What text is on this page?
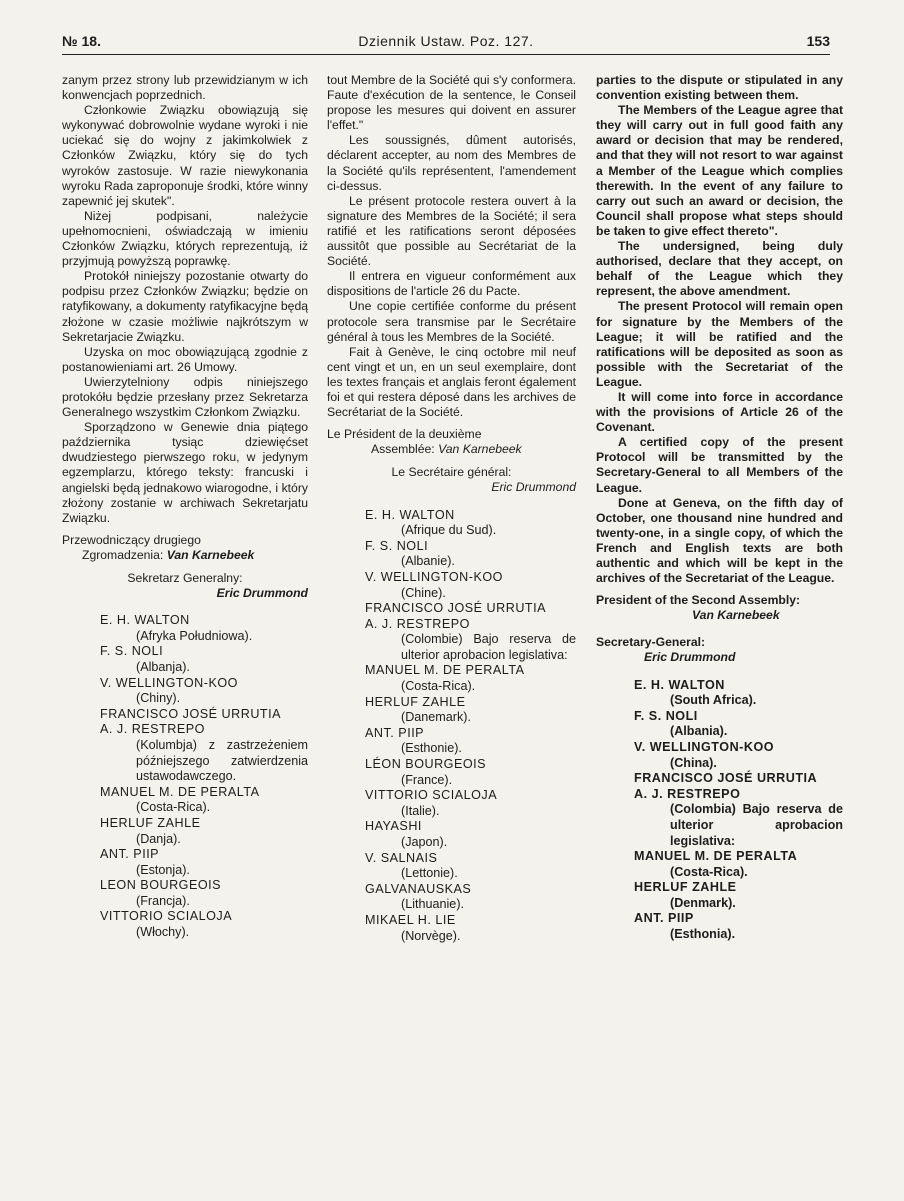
№ 18.	Dziennik Ustaw. Poz. 127.	153

zanym przez strony lub przewidzianym w ich konwencjach poprzednich.

Członkowie Związku obowiązują się wykonywać dobrowolnie wydane wyroki i nie uciekać się do wojny z jakimkolwiek z Członków Związku, który się do tych wyroków zastosuje. W razie niewykonania wyroku Rada zaproponuje środki, które winny zapewnić jej skutek".

Niżej podpisani, należycie upełnomocnieni, oświadczają w imieniu Członków Związku, których reprezentują, iż przyjmują powyższą poprawkę.

Protokół niniejszy pozostanie otwarty do podpisu przez Członków Związku; będzie on ratyfikowany, a dokumenty ratyfikacyjne będą złożone w czasie możliwie najkrótszym w Sekretarjacie Związku.

Uzyska on moc obowiązującą zgodnie z postanowieniami art. 26 Umowy.

Uwierzytelniony odpis niniejszego protokółu będzie przesłany przez Sekretarza Generalnego wszystkim Członkom Związku.

Sporządzono w Genewie dnia piątego października tysiąc dziewięćset dwudziestego pierwszego roku, w jedynym egzemplarzu, którego teksty: francuski i angielski będą jednakowo wiarogodne, i który złożony zostanie w archiwach Sekretarjatu Związku.

Przewodniczący drugiego
Zgromadzenia: Van Karnebeek
Sekretarz Generalny:
Eric Drummond
E. H. WALTON
(Afryka Południowa).
F. S. NOLI
(Albanja).
V. WELLINGTON-KOO
(Chiny).
FRANCISCO JOSÉ URRUTIA
A. J. RESTREPO
(Kolumbja) z zastrzeżeniem późniejszego zatwierdzenia ustawodawczego.
MANUEL M. DE PERALTA
(Costa-Rica).
HERLUF ZAHLE
(Danja).
ANT. PIIP
(Estonja).
LEON BOURGEOIS
(Francja).
VITTORIO SCIALOJA
(Włochy).

tout Membre de la Société qui s'y conformera. Faute d'exécution de la sentence, le Conseil propose les mesures qui doivent en assurer l'effet."

Les soussignés, dûment autorisés, déclarent accepter, au nom des Membres de la Société qu'ils représentent, l'amendement ci-dessus.

Le présent protocole restera ouvert à la signature des Membres de la Société; il sera ratifié et les ratifications seront déposées aussitôt que possible au Secrétariat de la Société.

Il entrera en vigueur conformément aux dispositions de l'article 26 du Pacte.

Une copie certifiée conforme du présent protocole sera transmise par le Secrétaire général à tous les Membres de la Société.

Fait à Genève, le cinq octobre mil neuf cent vingt et un, en un seul exemplaire, dont les textes français et anglais feront également foi et qui restera déposé dans les archives de Secrétariat de la Société.

Le Président de la deuxième
Assemblée: Van Karnebeek
Le Secrétaire général:
Eric Drummond
E. H. WALTON
(Afrique du Sud).
F. S. NOLI
(Albanie).
V. WELLINGTON-KOO
(Chine).
FRANCISCO JOSÉ URRUTIA
A. J. RESTREPO
(Colombie) Bajo reserva de ulterior aprobacion legislativa:
MANUEL M. DE PERALTA
(Costa-Rica).
HERLUF ZAHLE
(Danemark).
ANT. PIIP
(Esthonie).
LÉON BOURGEOIS
(France).
VITTORIO SCIALOJA
(Italie).
HAYASHI
(Japon).
V. SALNAIS
(Lettonie).
GALVANAUSKAS
(Lithuanie).
MIKAEL H. LIE
(Norvège).

parties to the dispute or stipulated in any convention existing between them.

The Members of the League agree that they will carry out in full good faith any award or decision that may be rendered, and that they will not resort to war against a Member of the League which complies therewith. In the event of any failure to carry out such an award or decision, the Council shall propose what steps should be taken to give effect thereto".

The undersigned, being duly authorised, declare that they accept, on behalf of the League which they represent, the above amendment.

The present Protocol will remain open for signature by the Members of the League; it will be ratified and the ratifications will be deposited as soon as possible with the Secretariat of the League.

It will come into force in accordance with the provisions of Article 26 of the Covenant.

A certified copy of the present Protocol will be transmitted by the Secretary-General to all Members of the League.

Done at Geneva, on the fifth day of October, one thousand nine hundred and twenty-one, in a single copy, of which the French and English texts are both authentic and which will be kept in the archives of the Secretariat of the League.

President of the Second Assembly:
Van Karnebeek
Secretary-General:
Eric Drummond
E. H. WALTON
(South Africa).
F. S. NOLI
(Albania).
V. WELLINGTON-KOO
(China).
FRANCISCO JOSÉ URRUTIA
A. J. RESTREPO
(Colombia) Bajo reserva de ulterior aprobacion legislativa:
MANUEL M. DE PERALTA
(Costa-Rica).
HERLUF ZAHLE
(Denmark).
ANT. PIIP
(Esthonia).
